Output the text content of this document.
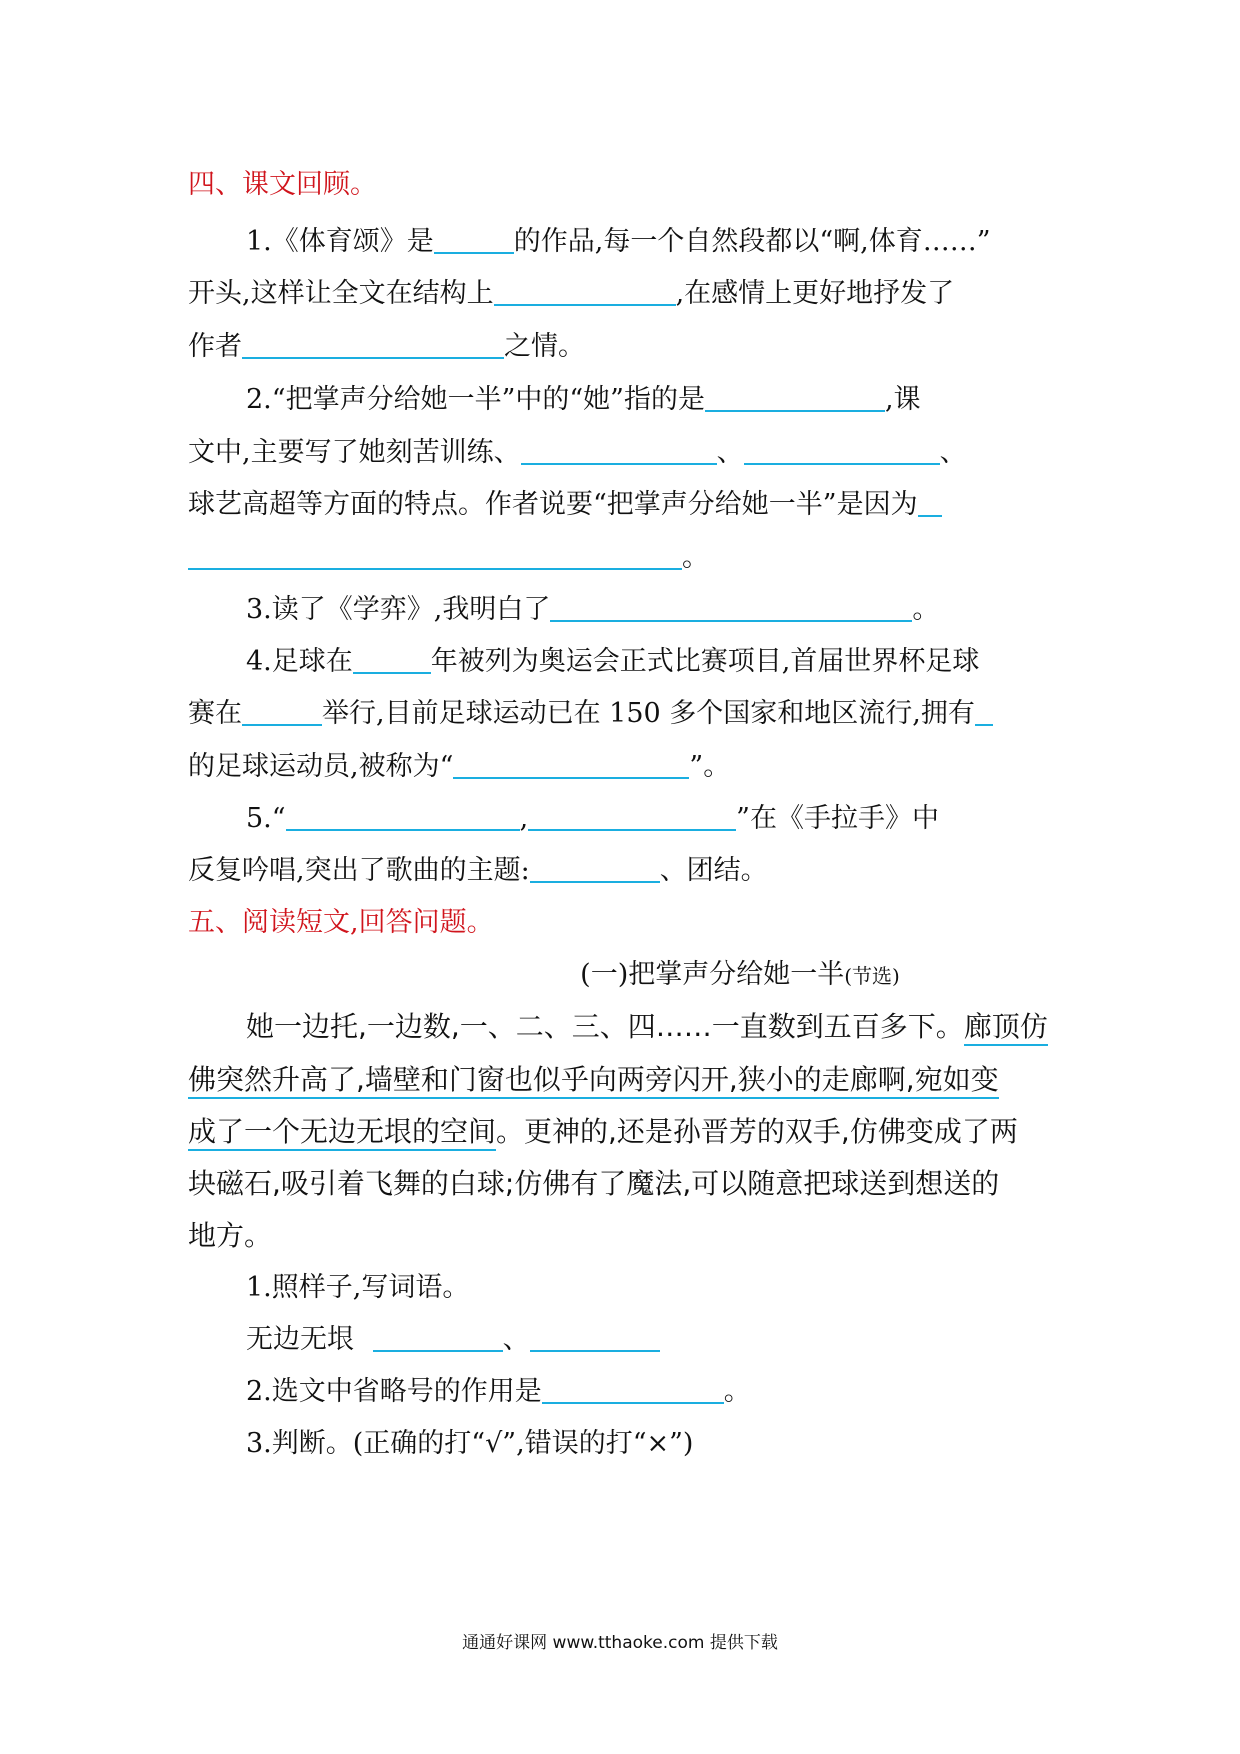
四、课文回顾。
1.《体育颂》是	的作品,每一个自然段都以“啊,体育……”
开头,这样让全文在结构上	,在感情上更好地抒发了
作者	之情。
2.“把掌声分给她一半”中的“她”指的是	,课
文中,主要写了她刻苦训练、	、	、
球艺高超等方面的特点。作者说要“把掌声分给她一半”是因为
。
3.读了《学弈》,我明白了	。
4.足球在	年被列为奥运会正式比赛项目,首届世界杯足球
赛在	举行,目前足球运动已在 150 多个国家和地区流行,拥有
的足球运动员,被称为“	”。
5.“	,	”在《手拉手》中
反复吟唱,突出了歌曲的主题:	、团结。
五、阅读短文,回答问题。
(一)把掌声分给她一半(节选)
她一边托,一边数,一、二、三、四……一直数到五百多下。廊顶仿
佛突然升高了,墙壁和门窗也似乎向两旁闪开,狭小的走廊啊,宛如变
成了一个无边无垠的空间。更神的,还是孙晋芳的双手,仿佛变成了两
块磁石,吸引着飞舞的白球;仿佛有了魔法,可以随意把球送到想送的
地方。
1.照样子,写词语。
无边无垠	、
2.选文中省略号的作用是	。
3.判断。(正确的打“√”,错误的打“×”)
通通好课网 www.tthaoke.com 提供下载
